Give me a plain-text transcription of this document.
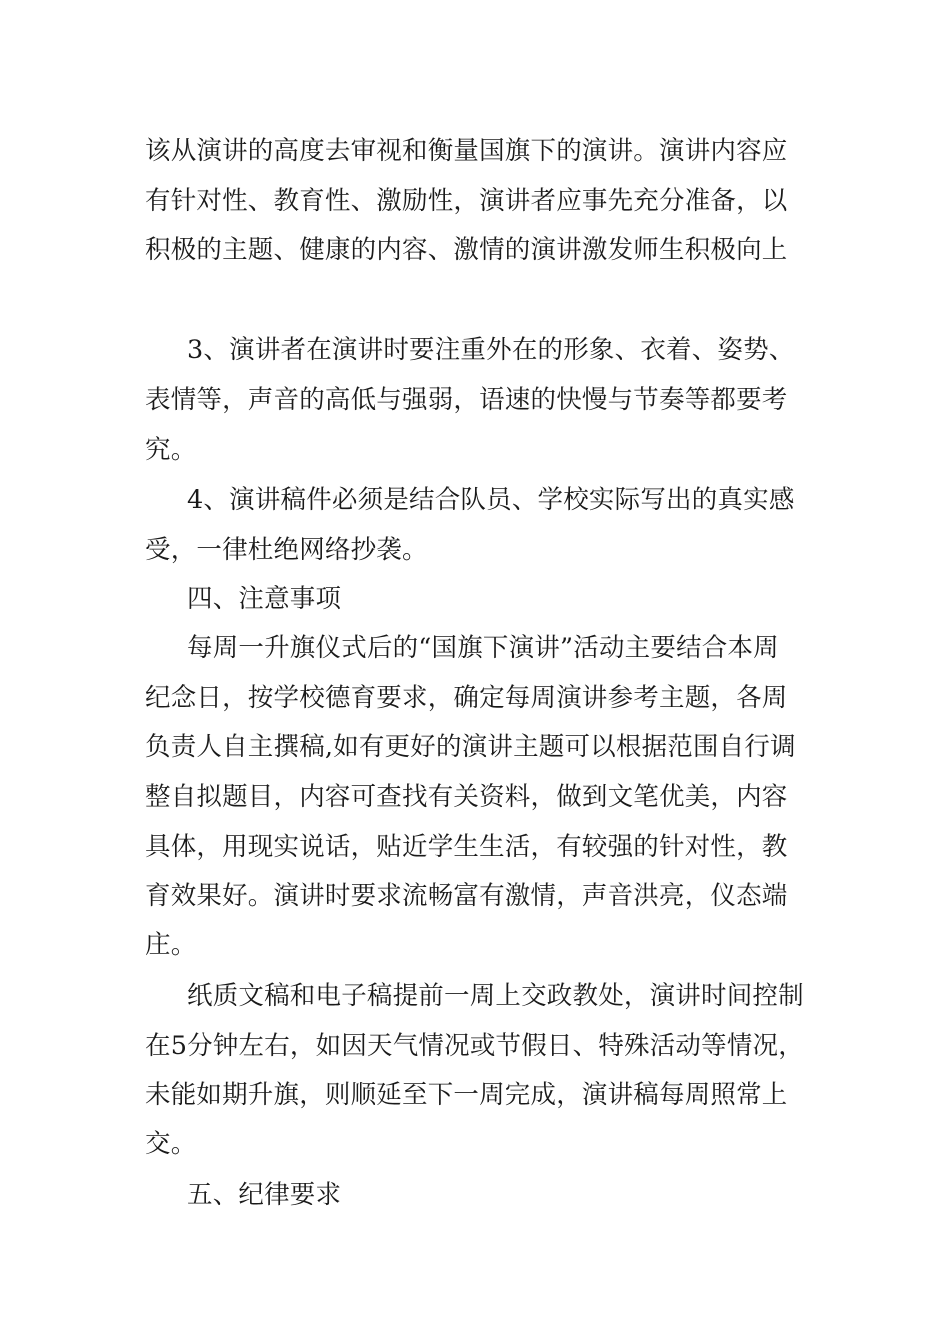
该从演讲的高度去审视和衡量国旗下的演讲。演讲内容应
有针对性、教育性、激励性，演讲者应事先充分准备，以
积极的主题、健康的内容、激情的演讲激发师生积极向上
3、演讲者在演讲时要注重外在的形象、衣着、姿势、
表情等，声音的高低与强弱，语速的快慢与节奏等都要考
究。
4、演讲稿件必须是结合队员、学校实际写出的真实感
受，一律杜绝网络抄袭。
四、注意事项
每周一升旗仪式后的“国旗下演讲”活动主要结合本周
纪念日，按学校德育要求，确定每周演讲参考主题，各周
负责人自主撰稿,如有更好的演讲主题可以根据范围自行调
整自拟题目，内容可查找有关资料，做到文笔优美，内容
具体，用现实说话，贴近学生生活，有较强的针对性，教
育效果好。演讲时要求流畅富有激情，声音洪亮，仪态端
庄。
纸质文稿和电子稿提前一周上交政教处，演讲时间控制
在5分钟左右，如因天气情况或节假日、特殊活动等情况，
未能如期升旗，则顺延至下一周完成，演讲稿每周照常上
交。
五、纪律要求
